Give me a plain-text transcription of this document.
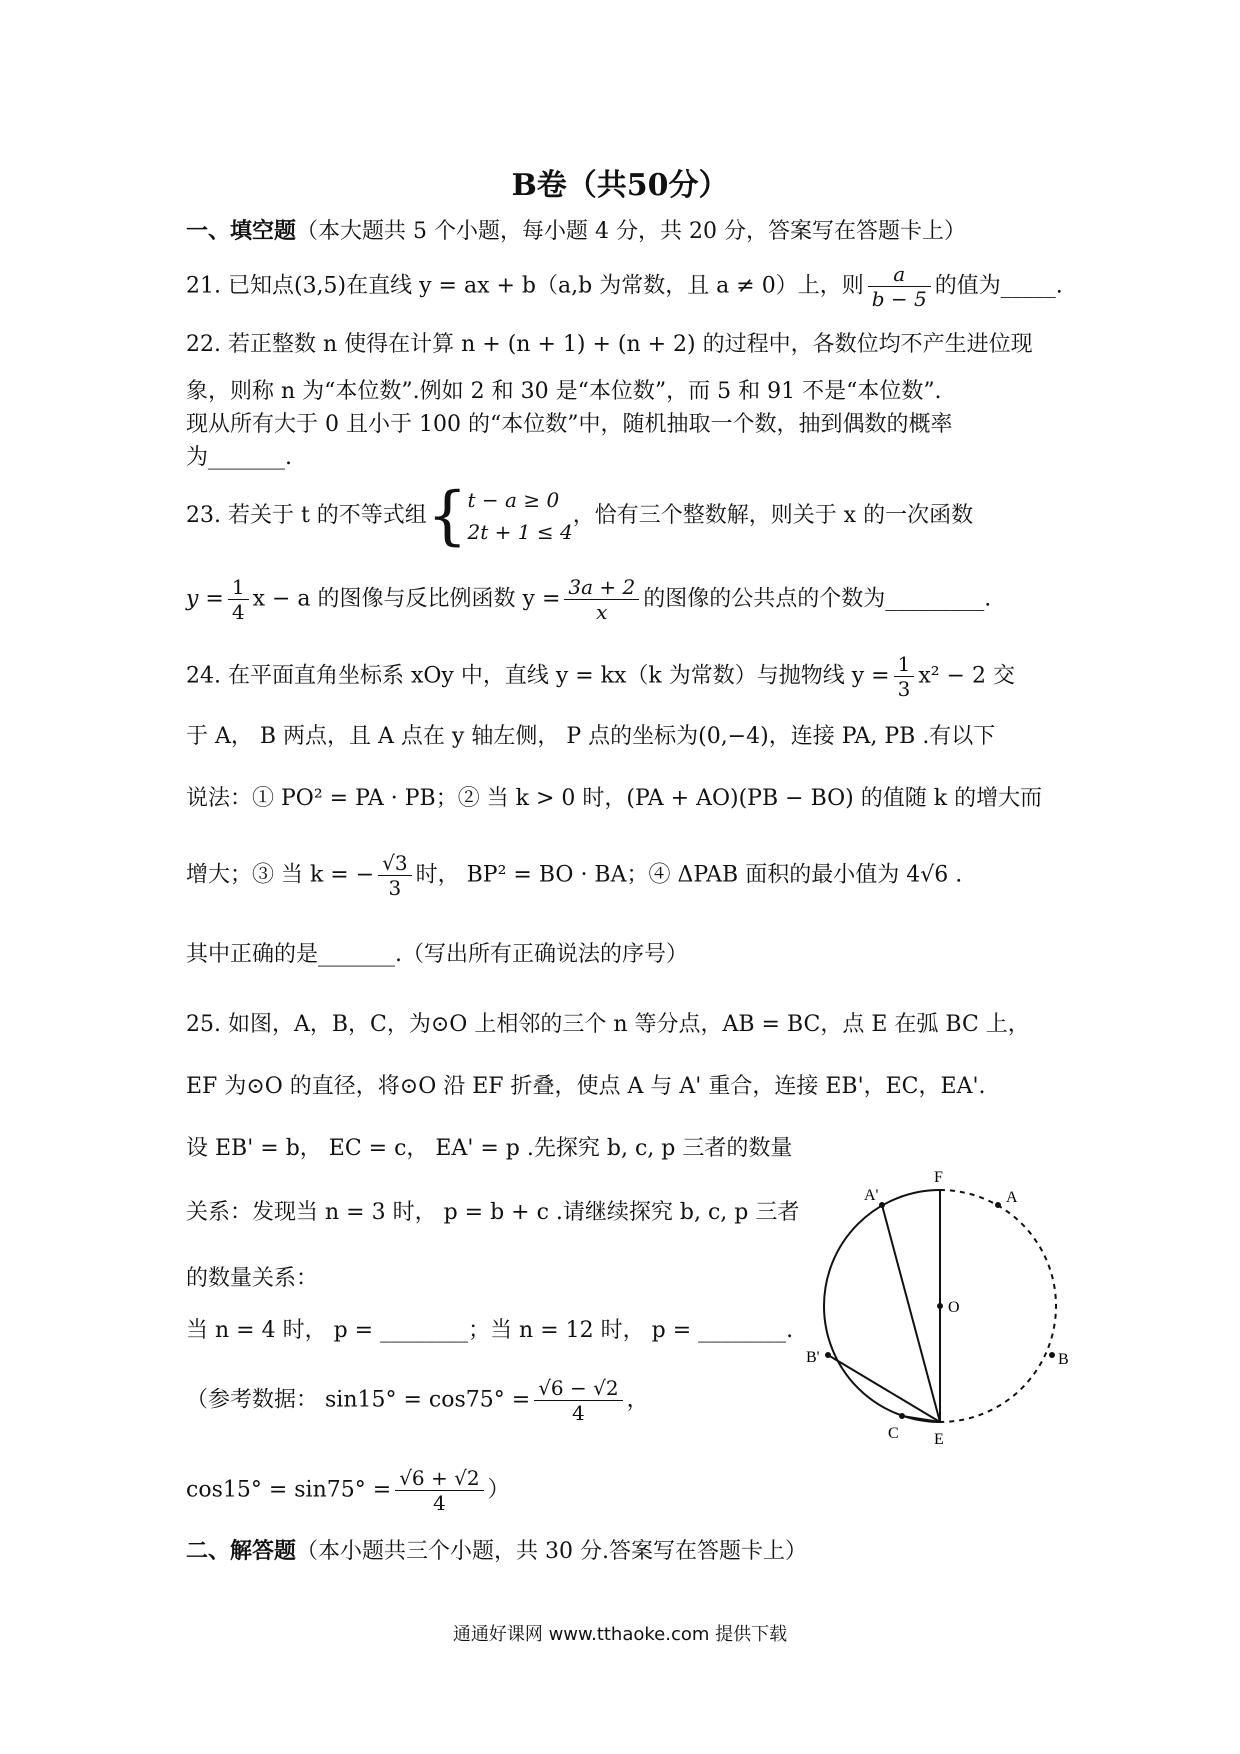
B卷（共50分）
一、填空题（本大题共 5 个小题，每小题 4 分，共 20 分，答案写在答题卡上）
21. 已知点(3,5)在直线 y = ax + b（a,b 为常数，且 a ≠ 0）上，则 $\frac{a}{b - 5}$ 的值为_____.
22. 若正整数 n 使得在计算 n + (n + 1) + (n + 2) 的过程中，各数位均不产生进位现
象，则称 n 为“本位数”.例如 2 和 30 是“本位数”，而 5 和 91 不是“本位数”.
现从所有大于 0 且小于 100 的“本位数”中，随机抽取一个数，抽到偶数的概率
为_______.
23. 若关于 t 的不等式组{ t − a ≥ 0
2t + 1 ≤ 4
，恰有三个整数解，则关于 x 的一次函数
$y = \frac{1}{4}$ x − a 的图像与反比例函数 $y = \frac{3a + 2}{x}$ 的图像的公共点的个数为_________.
24. 在平面直角坐标系 xOy 中，直线 y = kx（k 为常数）与抛物线 $y = \frac{1}{3} x^2 - 2$ 交
于 A， B 两点，且 A 点在 y 轴左侧， P 点的坐标为(0,−4)，连接 PA, PB .有以下
说法：① PO² = PA · PB；② 当 k > 0 时，(PA + AO)(PB − BO) 的值随 k 的增大而
增大；③ 当 k = − $\frac{√3}{3}$ 时， BP² = BO · BA；④ ΔPAB 面积的最小值为 4√6 .
其中正确的是_______.（写出所有正确说法的序号）
25. 如图，A，B，C，为⊙O 上相邻的三个 n 等分点，AB = BC，点 E 在弧 BC 上，
EF 为⊙O 的直径，将⊙O 沿 EF 折叠，使点 A 与 A' 重合，连接 EB'，EC，EA'.
设 EB' = b， EC = c， EA' = p .先探究 b, c, p 三者的数量
关系：发现当 n = 3 时， p = b + c .请继续探究 b, c, p 三者
的数量关系：
当 n = 4 时， p = ________；当 n = 12 时， p = ________.
（参考数据： $\sin 15^\circ = \cos 75^\circ = \frac{√6 - √2}{4}$ ，
$\cos 15^\circ = \sin 75^\circ = \frac{√6 + √2}{4}$ ）
F
A
A'
O
B'	B
C E
二、解答题（本小题共三个小题，共 30 分.答案写在答题卡上）
通通好课网 www.tthaoke.com 提供下载
